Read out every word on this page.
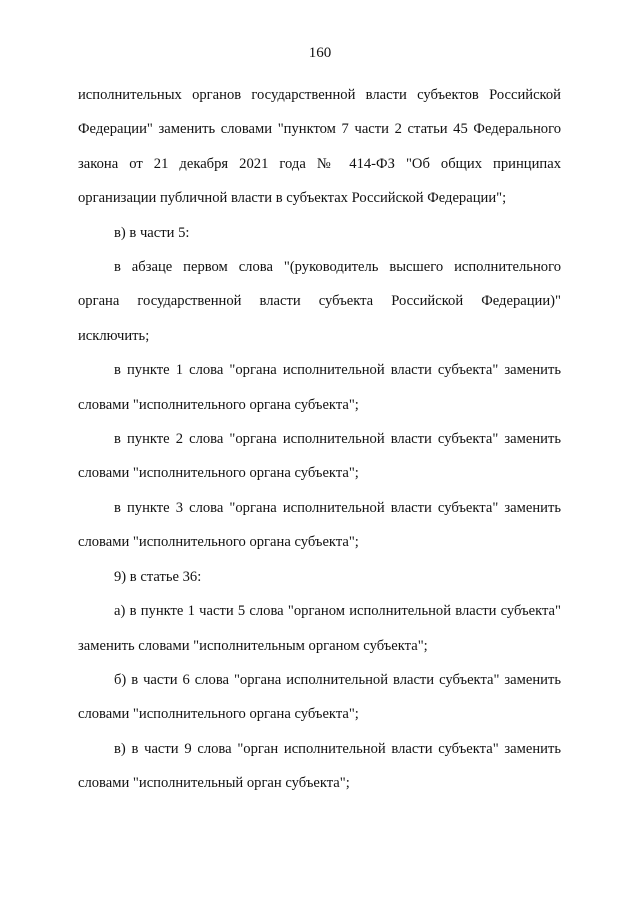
160

исполнительных органов государственной власти субъектов Российской Федерации" заменить словами "пунктом 7 части 2 статьи 45 Федерального закона от 21 декабря 2021 года № 414-ФЗ "Об общих принципах организации публичной власти в субъектах Российской Федерации";

в) в части 5:

в абзаце первом слова "(руководитель высшего исполнительного органа государственной власти субъекта Российской Федерации)" исключить;

в пункте 1 слова "органа исполнительной власти субъекта" заменить словами "исполнительного органа субъекта";

в пункте 2 слова "органа исполнительной власти субъекта" заменить словами "исполнительного органа субъекта";

в пункте 3 слова "органа исполнительной власти субъекта" заменить словами "исполнительного органа субъекта";

9) в статье 36:

а) в пункте 1 части 5 слова "органом исполнительной власти субъекта" заменить словами "исполнительным органом субъекта";

б) в части 6 слова "органа исполнительной власти субъекта" заменить словами "исполнительного органа субъекта";

в) в части 9 слова "орган исполнительной власти субъекта" заменить словами "исполнительный орган субъекта";
